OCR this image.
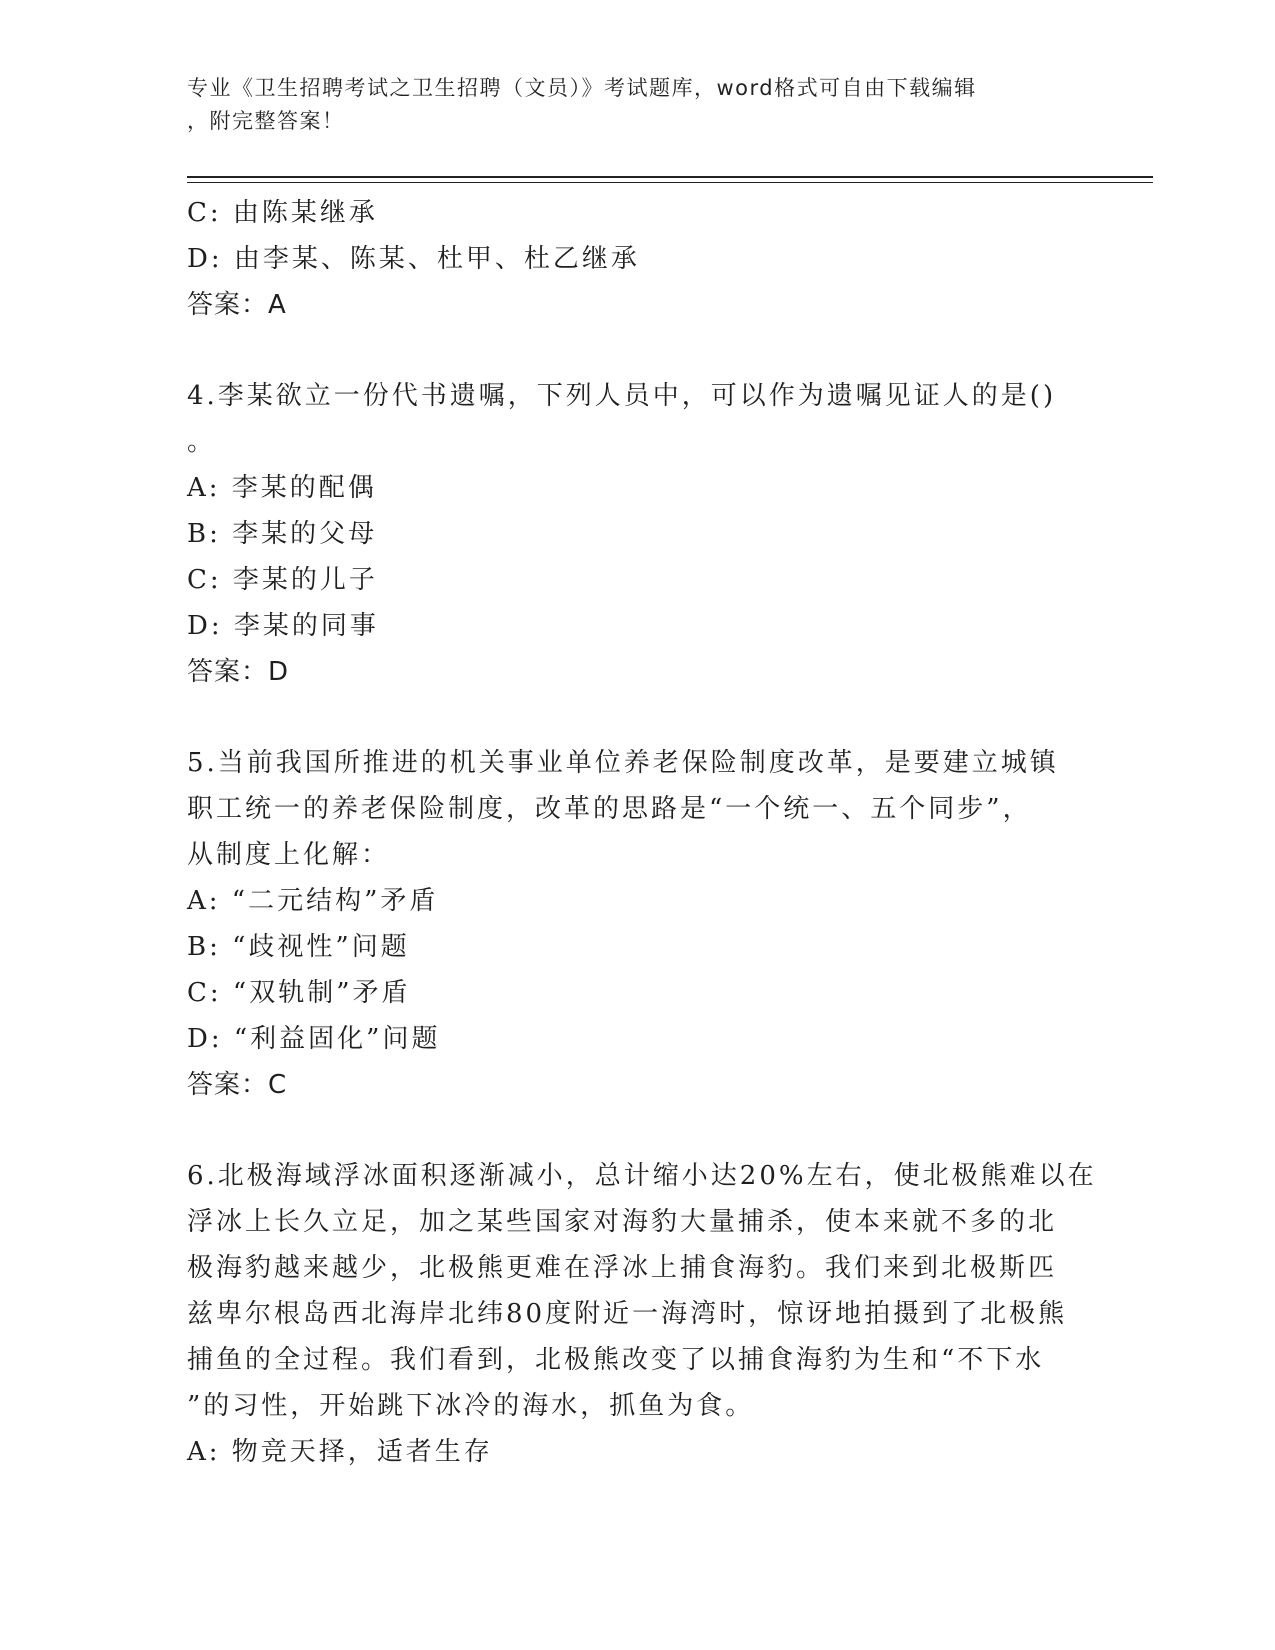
专业《卫生招聘考试之卫生招聘（文员）》考试题库，word格式可自由下载编辑
，附完整答案！
C: 由陈某继承
D: 由李某、陈某、杜甲、杜乙继承
答案：A
4.李某欲立一份代书遗嘱，下列人员中，可以作为遗嘱见证人的是()
。
A: 李某的配偶
B: 李某的父母
C: 李某的儿子
D: 李某的同事
答案：D
5.当前我国所推进的机关事业单位养老保险制度改革，是要建立城镇
职工统一的养老保险制度，改革的思路是“一个统一、五个同步”，
从制度上化解：
A: “二元结构”矛盾
B: “歧视性”问题
C: “双轨制”矛盾
D: “利益固化”问题
答案：C
6.北极海域浮冰面积逐渐减小，总计缩小达20%左右，使北极熊难以在
浮冰上长久立足，加之某些国家对海豹大量捕杀，使本来就不多的北
极海豹越来越少，北极熊更难在浮冰上捕食海豹。我们来到北极斯匹
兹卑尔根岛西北海岸北纬80度附近一海湾时，惊讶地拍摄到了北极熊
捕鱼的全过程。我们看到，北极熊改变了以捕食海豹为生和“不下水
”的习性，开始跳下冰冷的海水，抓鱼为食。
A: 物竞天择，适者生存
